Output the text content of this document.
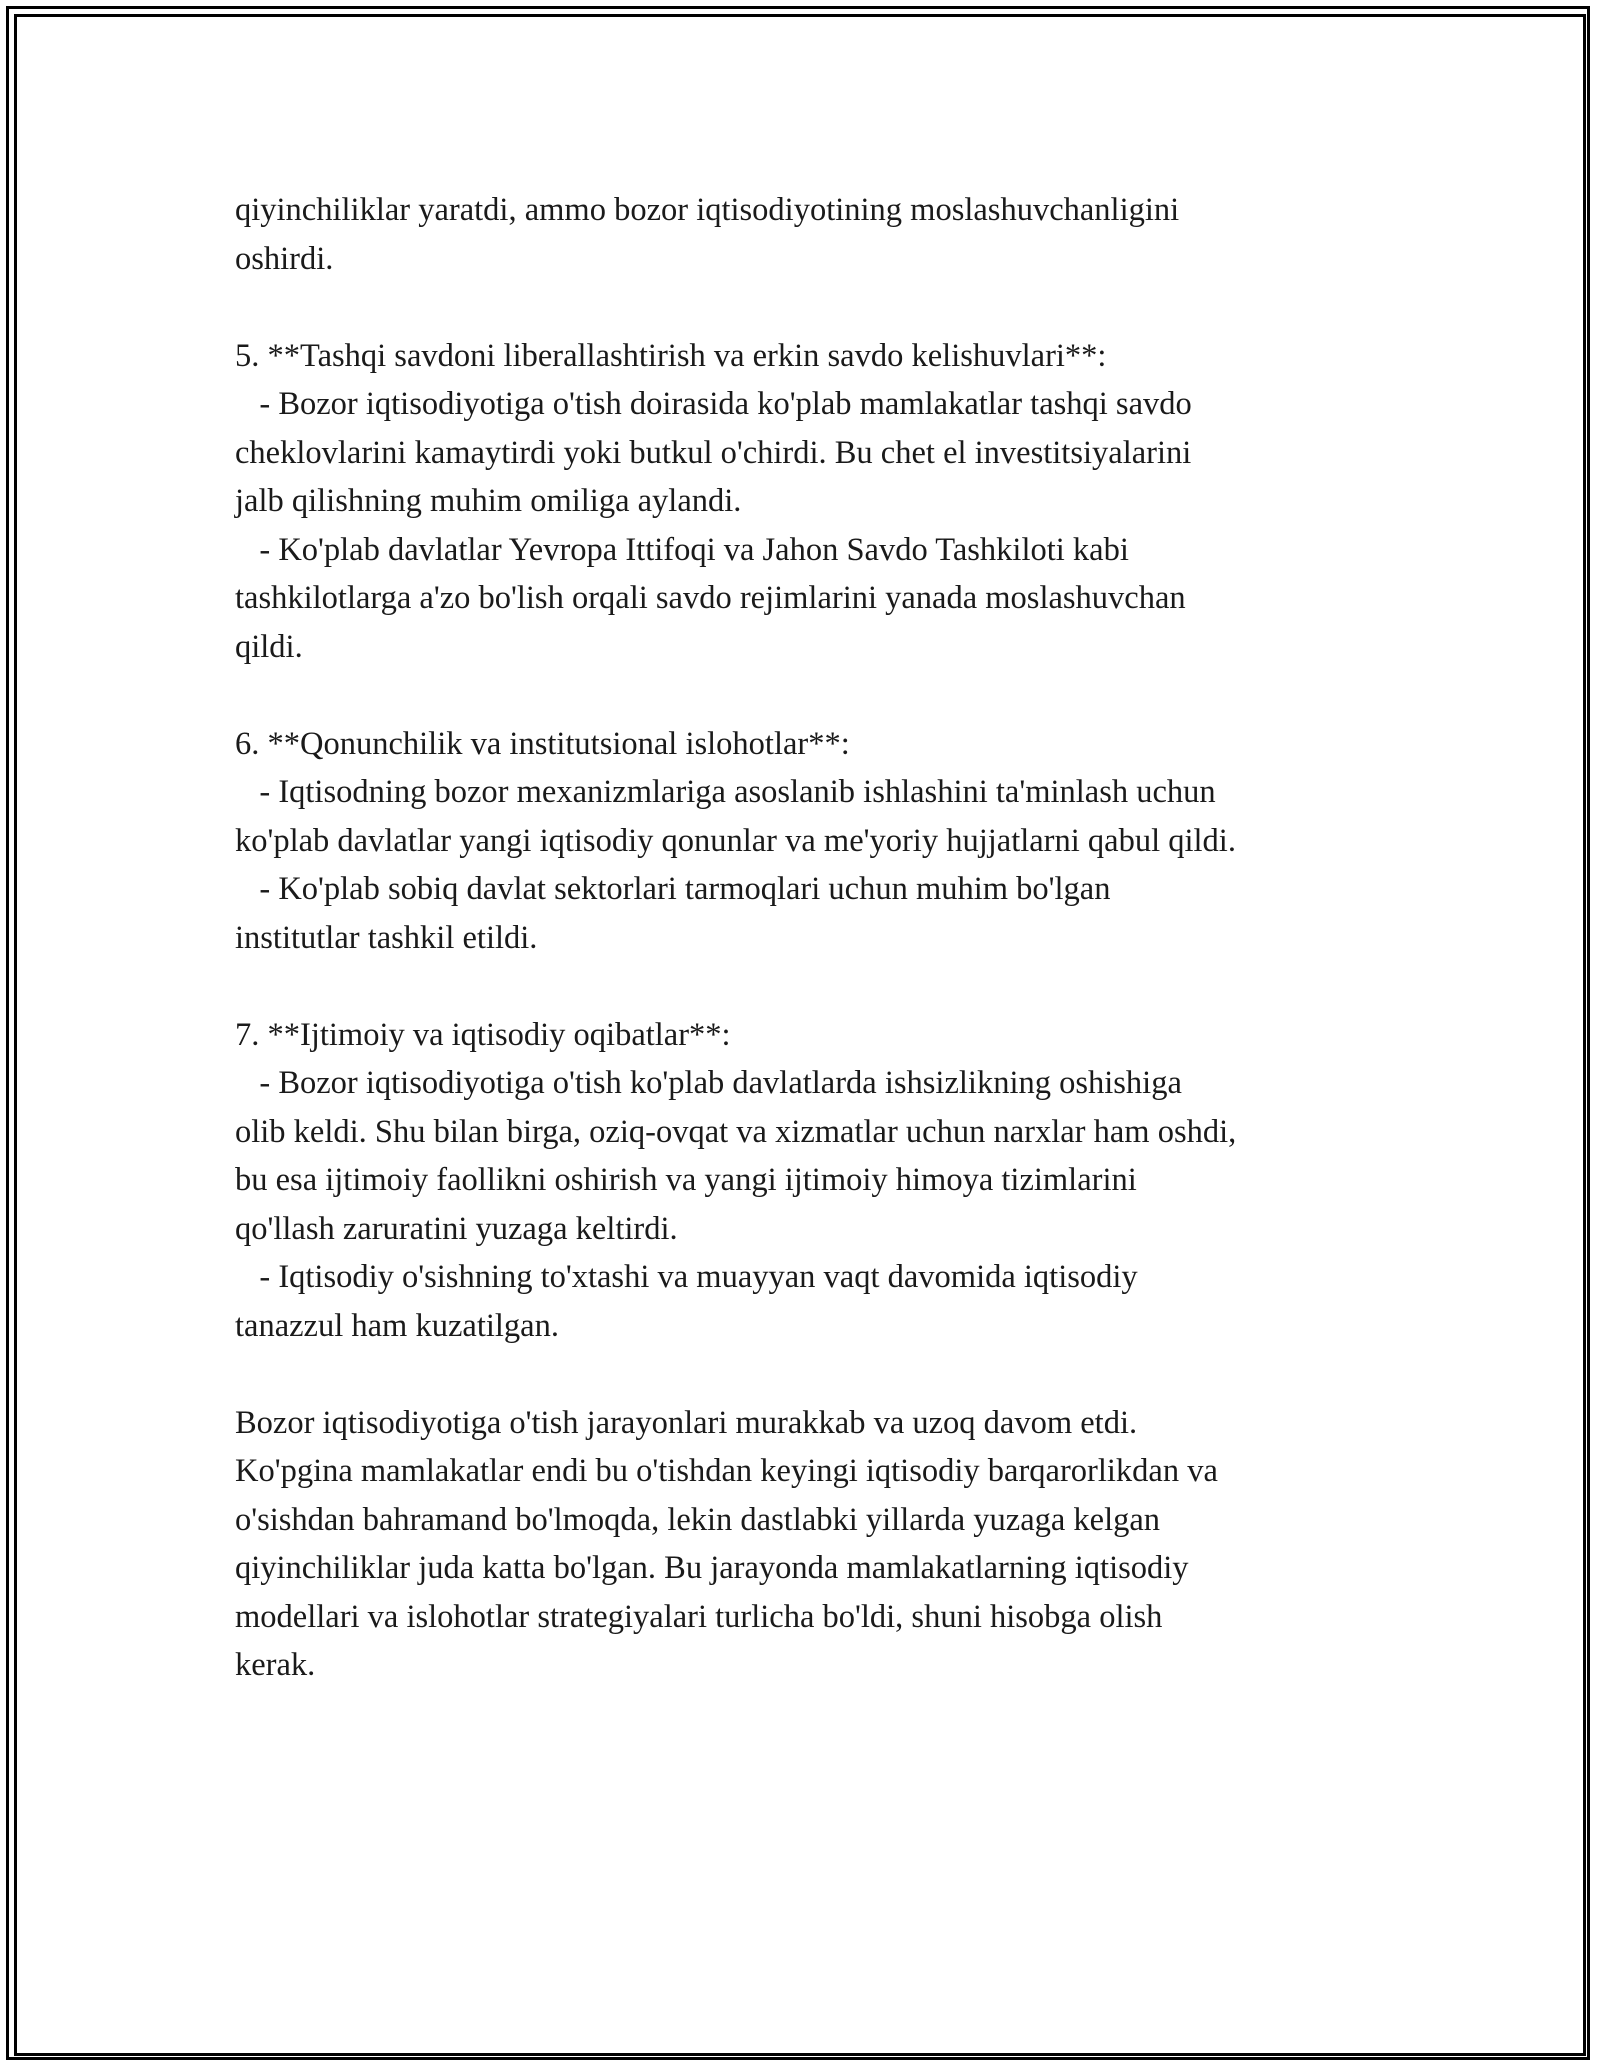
qiyinchiliklar yaratdi, ammo bozor iqtisodiyotining moslashuvchanligini
oshirdi.
5. **Tashqi savdoni liberallashtirish va erkin savdo kelishuvlari**:
- Bozor iqtisodiyotiga o'tish doirasida ko'plab mamlakatlar tashqi savdo
cheklovlarini kamaytirdi yoki butkul o'chirdi. Bu chet el investitsiyalarini
jalb qilishning muhim omiliga aylandi.
- Ko'plab davlatlar Yevropa Ittifoqi va Jahon Savdo Tashkiloti kabi
tashkilotlarga a'zo bo'lish orqali savdo rejimlarini yanada moslashuvchan
qildi.
6. **Qonunchilik va institutsional islohotlar**:
- Iqtisodning bozor mexanizmlariga asoslanib ishlashini ta'minlash uchun
ko'plab davlatlar yangi iqtisodiy qonunlar va me'yoriy hujjatlarni qabul qildi.
- Ko'plab sobiq davlat sektorlari tarmoqlari uchun muhim bo'lgan
institutlar tashkil etildi.
7. **Ijtimoiy va iqtisodiy oqibatlar**:
- Bozor iqtisodiyotiga o'tish ko'plab davlatlarda ishsizlikning oshishiga
olib keldi. Shu bilan birga, oziq-ovqat va xizmatlar uchun narxlar ham oshdi,
bu esa ijtimoiy faollikni oshirish va yangi ijtimoiy himoya tizimlarini
qo'llash zaruratini yuzaga keltirdi.
- Iqtisodiy o'sishning to'xtashi va muayyan vaqt davomida iqtisodiy
tanazzul ham kuzatilgan.
Bozor iqtisodiyotiga o'tish jarayonlari murakkab va uzoq davom etdi.
Ko'pgina mamlakatlar endi bu o'tishdan keyingi iqtisodiy barqarorlikdan va
o'sishdan bahramand bo'lmoqda, lekin dastlabki yillarda yuzaga kelgan
qiyinchiliklar juda katta bo'lgan. Bu jarayonda mamlakatlarning iqtisodiy
modellari va islohotlar strategiyalari turlicha bo'ldi, shuni hisobga olish
kerak.
